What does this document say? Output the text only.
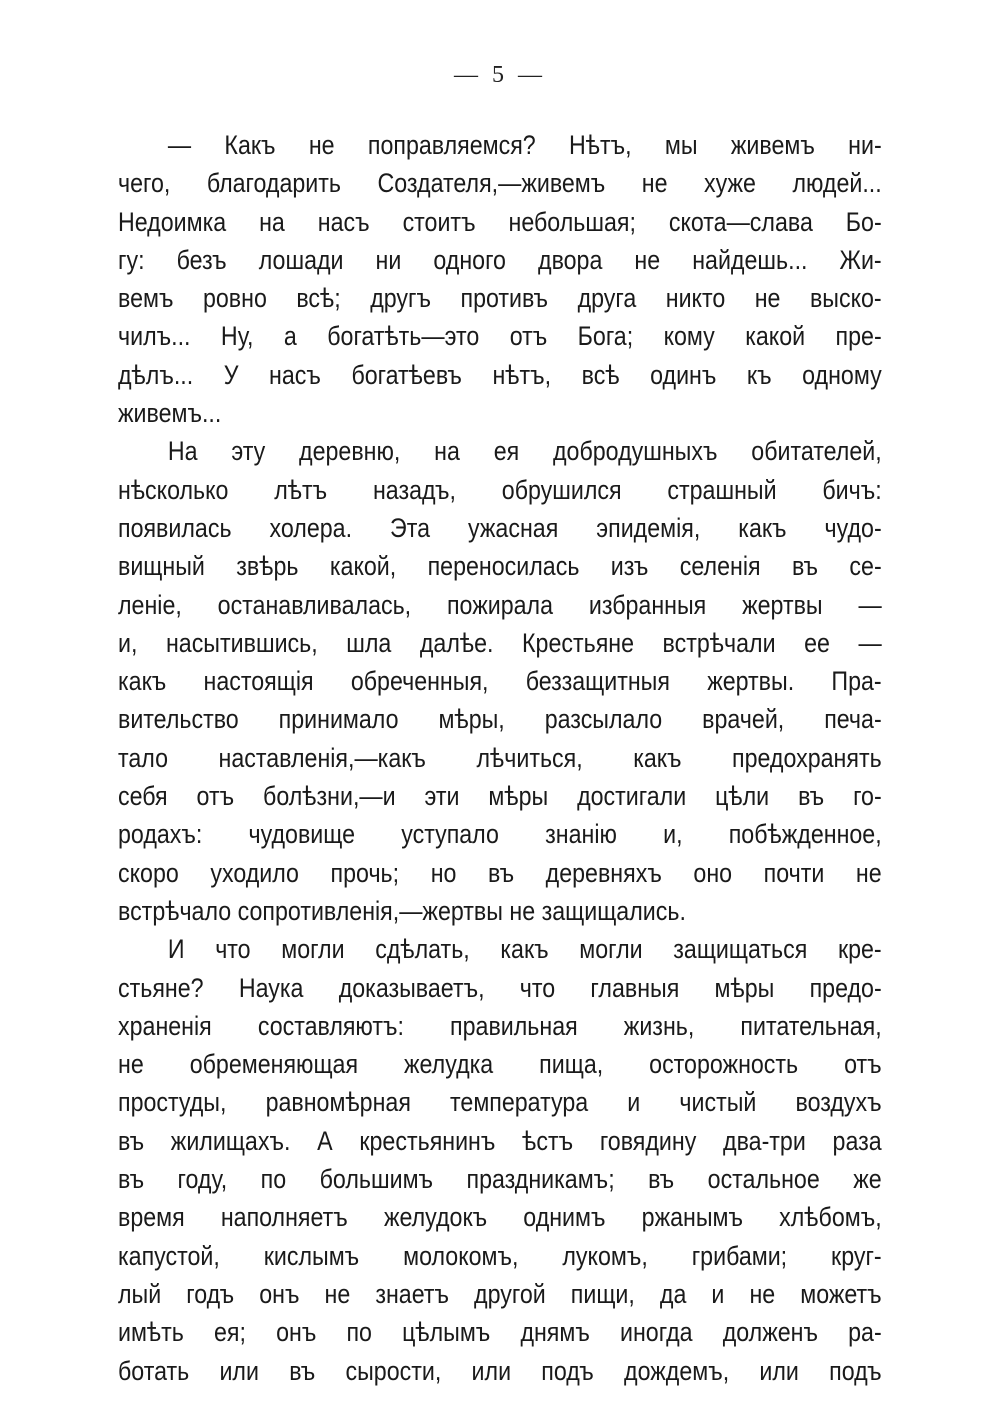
— 5 —
— Какъ не поправляемся? Нѣтъ, мы живемъ ни-
чего, благодарить Создателя,—живемъ не хуже людей...
Недоимка на насъ стоитъ небольшая; скота—слава Бо-
гу: безъ лошади ни одного двора не найдешь... Жи-
вемъ ровно всѣ; другъ противъ друга никто не выско-
чилъ... Ну, а богатѣть—это отъ Бога; кому какой пре-
дѣлъ... У насъ богатѣевъ нѣтъ, всѣ одинъ къ одному
живемъ...
На эту деревню, на ея добродушныхъ обитателей,
нѣсколько лѣтъ назадъ, обрушился страшный бичъ:
появилась холера. Эта ужасная эпидемія, какъ чудо-
вищный звѣрь какой, переносилась изъ селенія въ се-
леніе, останавливалась, пожирала избранныя жертвы —
и, насытившись, шла далѣе. Крестьяне встрѣчали ее —
какъ настоящія обреченныя, беззащитныя жертвы. Пра-
вительство принимало мѣры, разсылало врачей, печа-
тало наставленія,—какъ лѣчиться, какъ предохранять
себя отъ болѣзни,—и эти мѣры достигали цѣли въ го-
родахъ: чудовище уступало знанію и, побѣжденное,
скоро уходило прочь; но въ деревняхъ оно почти не
встрѣчало сопротивленія,—жертвы не защищались.
И что могли сдѣлать, какъ могли защищаться кре-
стьяне? Наука доказываетъ, что главныя мѣры предо-
храненія составляютъ: правильная жизнь, питательная,
не обременяющая желудка пища, осторожность отъ
простуды, равномѣрная температура и чистый воздухъ
въ жилищахъ. А крестьянинъ ѣстъ говядину два-три раза
въ году, по большимъ праздникамъ; въ остальное же
время наполняетъ желудокъ однимъ ржанымъ хлѣбомъ,
капустой, кислымъ молокомъ, лукомъ, грибами; круг-
лый годъ онъ не знаетъ другой пищи, да и не можетъ
имѣть ея; онъ по цѣлымъ днямъ иногда долженъ ра-
ботать или въ сырости, или подъ дождемъ, или подъ
